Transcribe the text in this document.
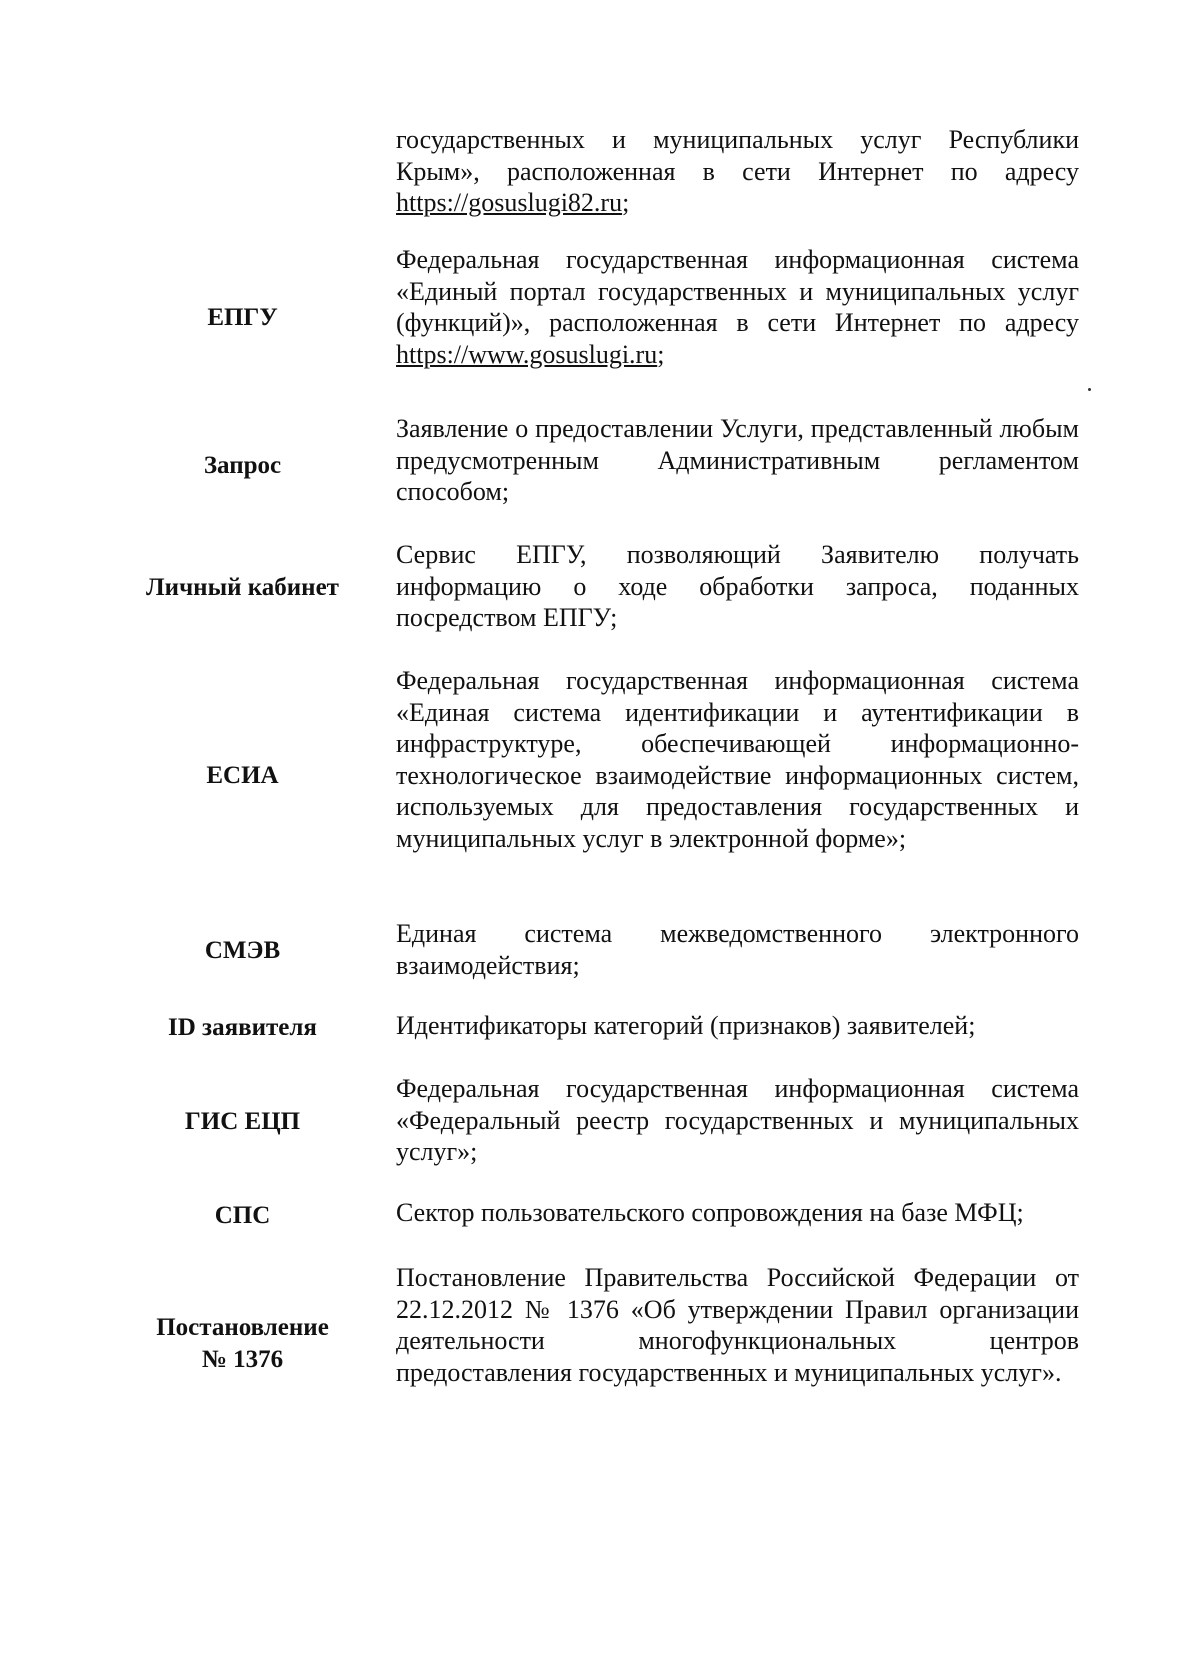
государственных и муниципальных услуг Республики Крым», расположенная в сети Интернет по адресу https://gosuslugi82.ru;
ЕПГУ
Федеральная государственная информационная система «Единый портал государственных и муниципальных услуг (функций)», расположенная в сети Интернет по адресу https://www.gosuslugi.ru;
Запрос
Заявление о предоставлении Услуги, представленный любым предусмотренным Административным регламентом способом;
Личный кабинет
Сервис ЕПГУ, позволяющий Заявителю получать информацию о ходе обработки запроса, поданных посредством ЕПГУ;
ЕСИА
Федеральная государственная информационная система «Единая система идентификации и аутентификации в инфраструктуре, обеспечивающей информационно-технологическое взаимодействие информационных систем, используемых для предоставления государственных и муниципальных услуг в электронной форме»;
СМЭВ
Единая система межведомственного электронного взаимодействия;
ID заявителя	Идентификаторы категорий (признаков) заявителей;
ГИС ЕЦП
Федеральная государственная информационная система «Федеральный реестр государственных и муниципальных услуг»;
СПС	Сектор пользовательского сопровождения на базе МФЦ;
Постановление
№ 1376
Постановление Правительства Российской Федерации от 22.12.2012 № 1376 «Об утверждении Правил организации деятельности многофункциональных центров предоставления государственных и муниципальных услуг».
